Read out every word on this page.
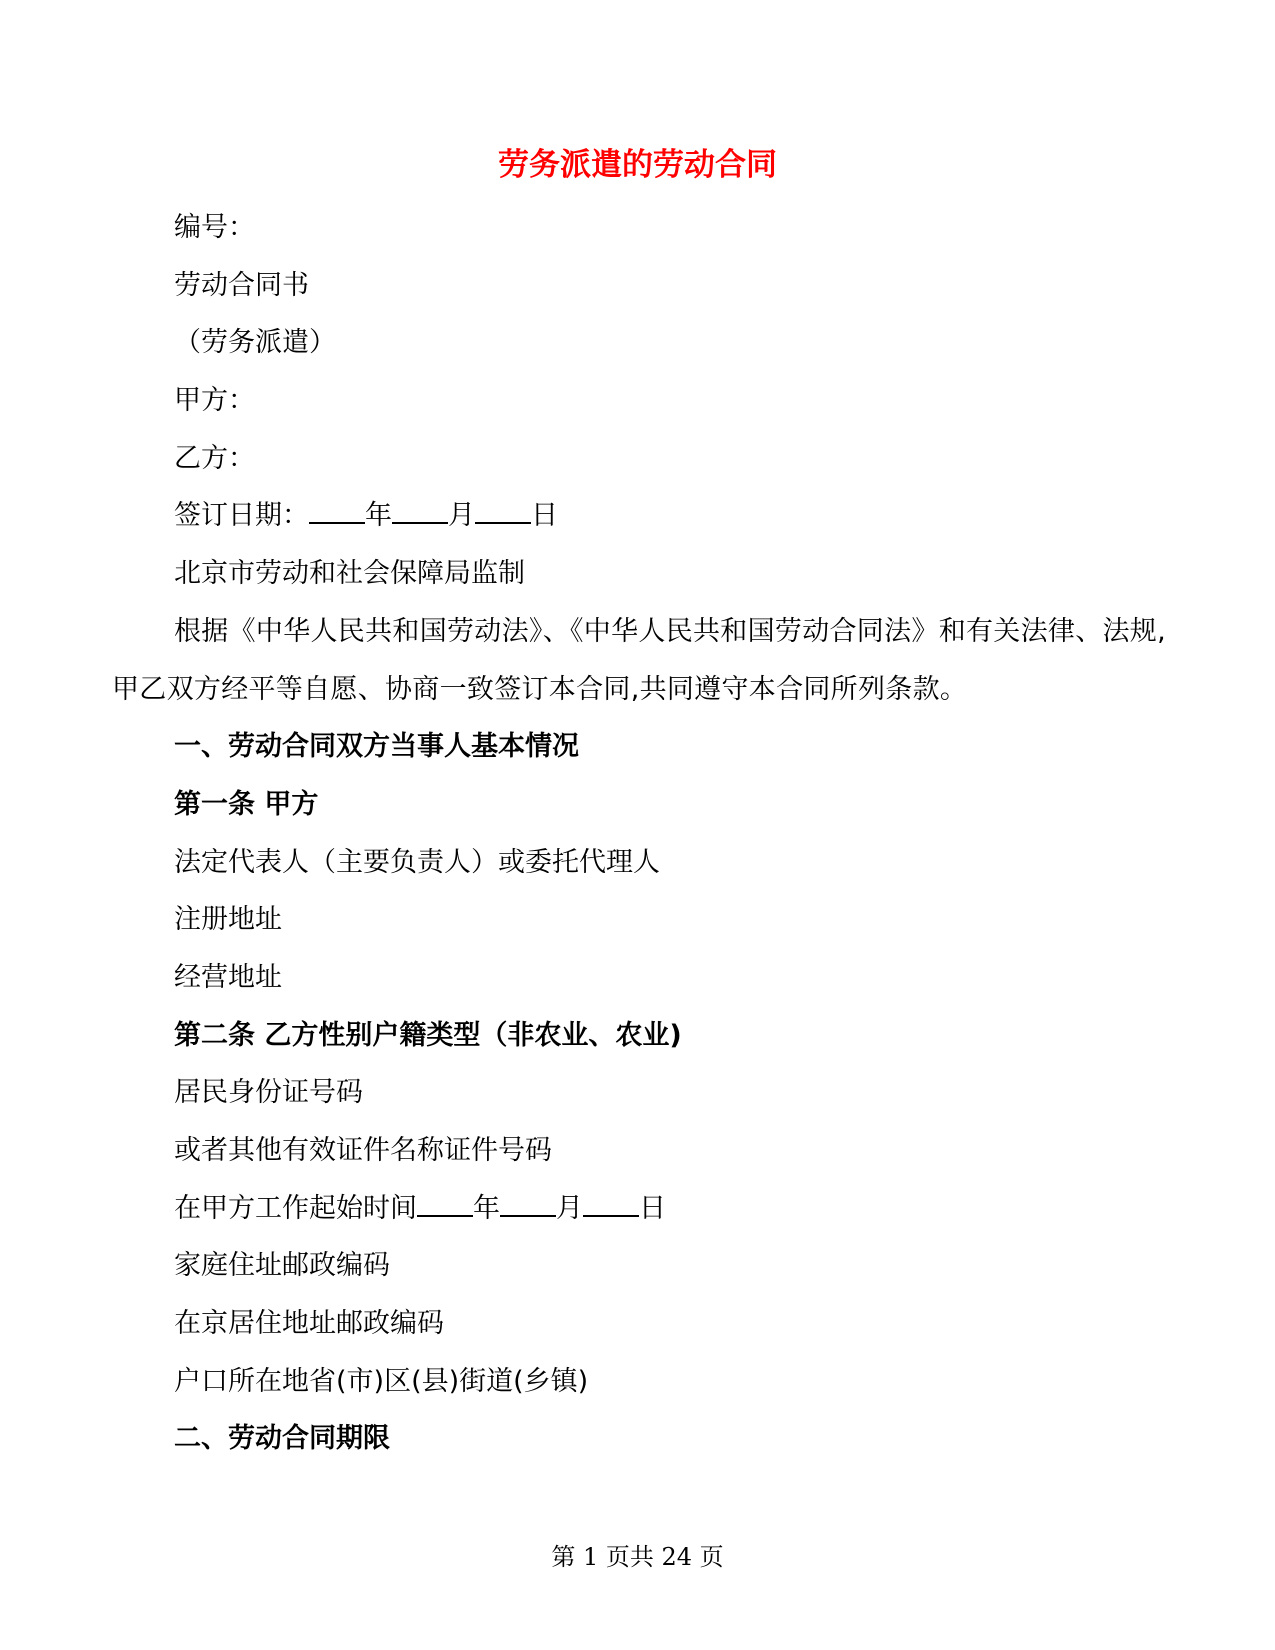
劳务派遣的劳动合同
编号：
劳动合同书
（劳务派遣）
甲方：
乙方：
签订日期： 年 月 日
北京市劳动和社会保障局监制
根据《中华人民共和国劳动法》、《中华人民共和国劳动合同法》和有关法律、法规,甲乙双方经平等自愿、协商一致签订本合同,共同遵守本合同所列条款。
一、劳动合同双方当事人基本情况
第一条 甲方
法定代表人（主要负责人）或委托代理人
注册地址
经营地址
第二条 乙方性别户籍类型（非农业、农业)
居民身份证号码
或者其他有效证件名称证件号码
在甲方工作起始时间 年 月 日
家庭住址邮政编码
在京居住地址邮政编码
户口所在地省(市)区(县)街道(乡镇)
二、劳动合同期限
第 1 页共 24 页
